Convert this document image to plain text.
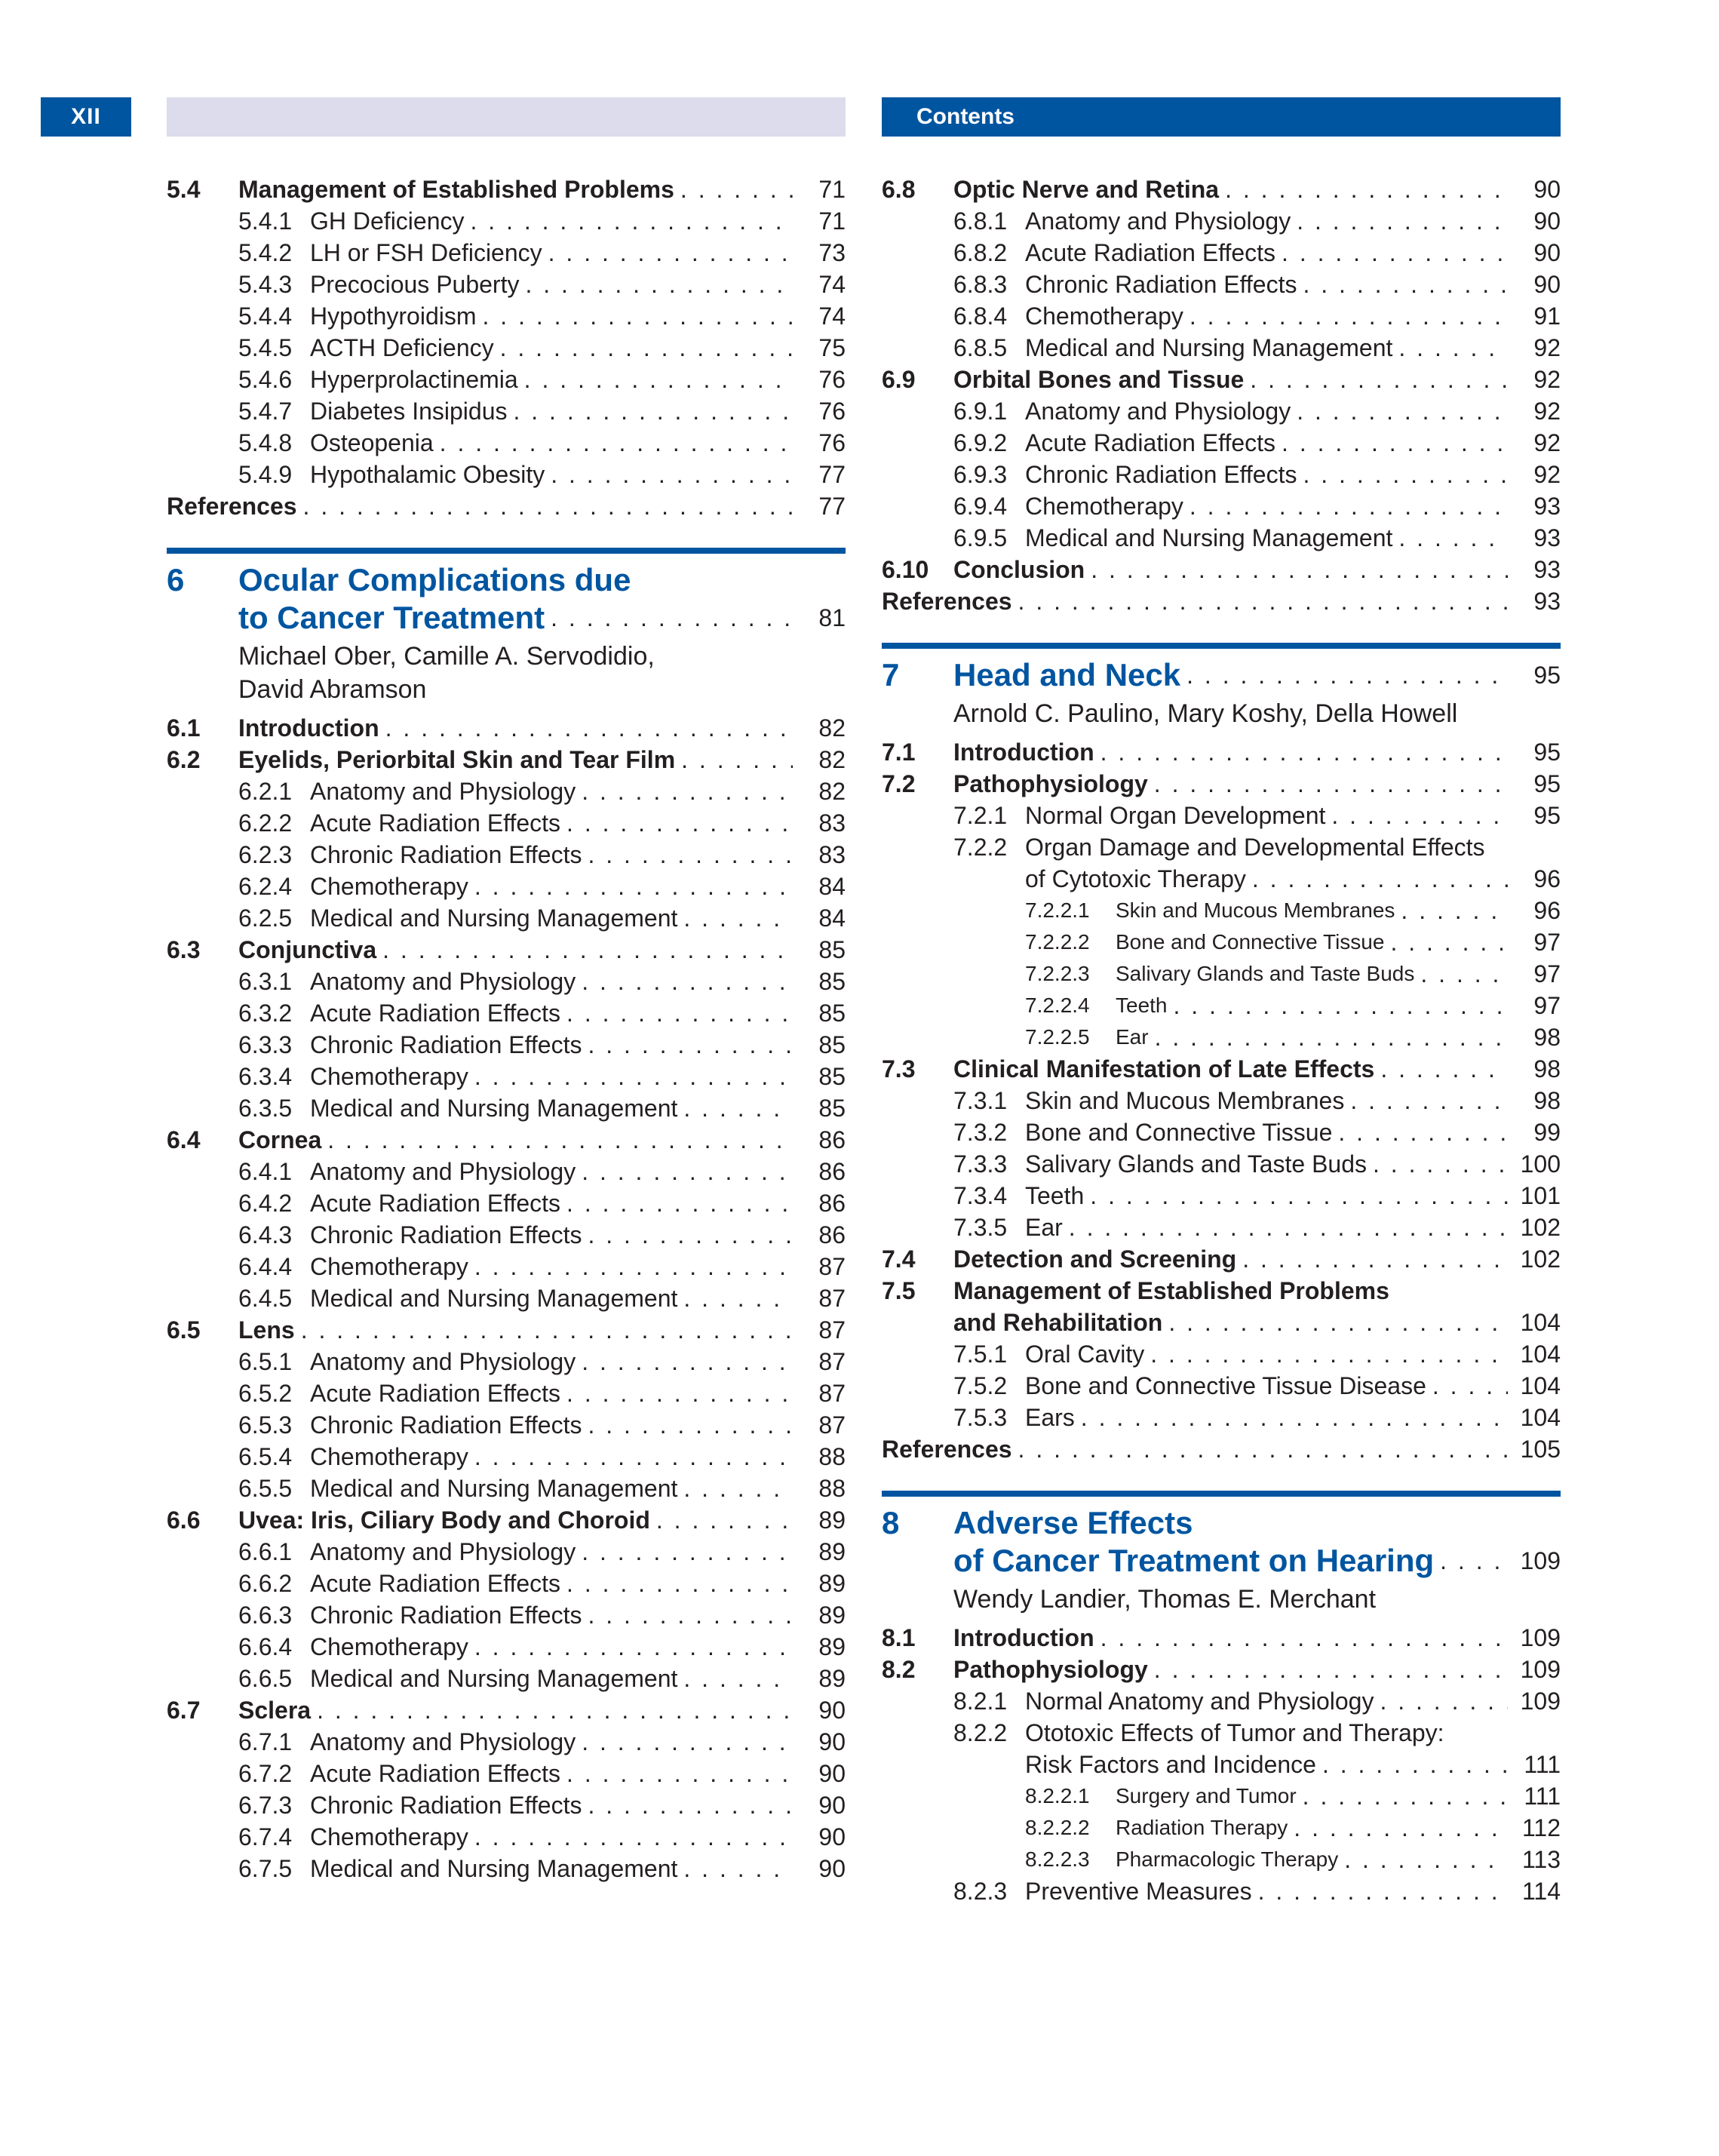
XII	Contents
5.4 Management of Established Problems . . .	71
5.4.1 GH Deficiency . . .	71
5.4.2 LH or FSH Deficiency . . .	73
5.4.3 Precocious Puberty . . .	74
5.4.4 Hypothyroidism . . .	74
5.4.5 ACTH Deficiency . . .	75
5.4.6 Hyperprolactinemia . . .	76
5.4.7 Diabetes Insipidus . . .	76
5.4.8 Osteopenia . . .	76
5.4.9 Hypothalamic Obesity . . .	77
References . . .	77
6 Ocular Complications due
to Cancer Treatment . . .	81
Michael Ober, Camille A. Servodidio,
David Abramson
6.1 Introduction . . .	82
6.2 Eyelids, Periorbital Skin and Tear Film . . .	82
6.2.1 Anatomy and Physiology . . .	82
6.2.2 Acute Radiation Effects . . .	83
6.2.3 Chronic Radiation Effects . . .	83
6.2.4 Chemotherapy . . .	84
6.2.5 Medical and Nursing Management . . .	84
6.3 Conjunctiva . . .	85
6.3.1 Anatomy and Physiology . . .	85
6.3.2 Acute Radiation Effects . . .	85
6.3.3 Chronic Radiation Effects . . .	85
6.3.4 Chemotherapy . . .	85
6.3.5 Medical and Nursing Management . . .	85
6.4 Cornea . . .	86
6.4.1 Anatomy and Physiology . . .	86
6.4.2 Acute Radiation Effects . . .	86
6.4.3 Chronic Radiation Effects . . .	86
6.4.4 Chemotherapy . . .	87
6.4.5 Medical and Nursing Management . . .	87
6.5 Lens . . .	87
6.5.1 Anatomy and Physiology . . .	87
6.5.2 Acute Radiation Effects . . .	87
6.5.3 Chronic Radiation Effects . . .	87
6.5.4 Chemotherapy . . .	88
6.5.5 Medical and Nursing Management . . .	88
6.6 Uvea: Iris, Ciliary Body and Choroid . . .	89
6.6.1 Anatomy and Physiology . . .	89
6.6.2 Acute Radiation Effects . . .	89
6.6.3 Chronic Radiation Effects . . .	89
6.6.4 Chemotherapy . . .	89
6.6.5 Medical and Nursing Management . . .	89
6.7 Sclera . . .	90
6.7.1 Anatomy and Physiology . . .	90
6.7.2 Acute Radiation Effects . . .	90
6.7.3 Chronic Radiation Effects . . .	90
6.7.4 Chemotherapy . . .	90
6.7.5 Medical and Nursing Management . . .	90
6.8 Optic Nerve and Retina . . .	90
6.8.1 Anatomy and Physiology . . .	90
6.8.2 Acute Radiation Effects . . .	90
6.8.3 Chronic Radiation Effects . . .	90
6.8.4 Chemotherapy . . .	91
6.8.5 Medical and Nursing Management . . .	92
6.9 Orbital Bones and Tissue . . .	92
6.9.1 Anatomy and Physiology . . .	92
6.9.2 Acute Radiation Effects . . .	92
6.9.3 Chronic Radiation Effects . . .	92
6.9.4 Chemotherapy . . .	93
6.9.5 Medical and Nursing Management . . .	93
6.10 Conclusion . . .	93
References . . .	93
7 Head and Neck . . .	95
Arnold C. Paulino, Mary Koshy, Della Howell
7.1 Introduction . . .	95
7.2 Pathophysiology . . .	95
7.2.1 Normal Organ Development . . .	95
7.2.2 Organ Damage and Developmental Effects
of Cytotoxic Therapy . . .	96
7.2.2.1 Skin and Mucous Membranes . . .	96
7.2.2.2 Bone and Connective Tissue . . .	97
7.2.2.3 Salivary Glands and Taste Buds . . .	97
7.2.2.4 Teeth . . .	97
7.2.2.5 Ear . . .	98
7.3 Clinical Manifestation of Late Effects . . .	98
7.3.1 Skin and Mucous Membranes . . .	98
7.3.2 Bone and Connective Tissue . . .	99
7.3.3 Salivary Glands and Taste Buds . . .	100
7.3.4 Teeth . . .	101
7.3.5 Ear . . .	102
7.4 Detection and Screening . . .	102
7.5 Management of Established Problems
and Rehabilitation . . .	104
7.5.1 Oral Cavity . . .	104
7.5.2 Bone and Connective Tissue Disease . . .	104
7.5.3 Ears . . .	104
References . . .	105
8 Adverse Effects
of Cancer Treatment on Hearing . . .	109
Wendy Landier, Thomas E. Merchant
8.1 Introduction . . .	109
8.2 Pathophysiology . . .	109
8.2.1 Normal Anatomy and Physiology . . .	109
8.2.2 Ototoxic Effects of Tumor and Therapy:
Risk Factors and Incidence . . .	111
8.2.2.1 Surgery and Tumor . . .	111
8.2.2.2 Radiation Therapy . . .	112
8.2.2.3 Pharmacologic Therapy . . .	113
8.2.3 Preventive Measures . . .	114
